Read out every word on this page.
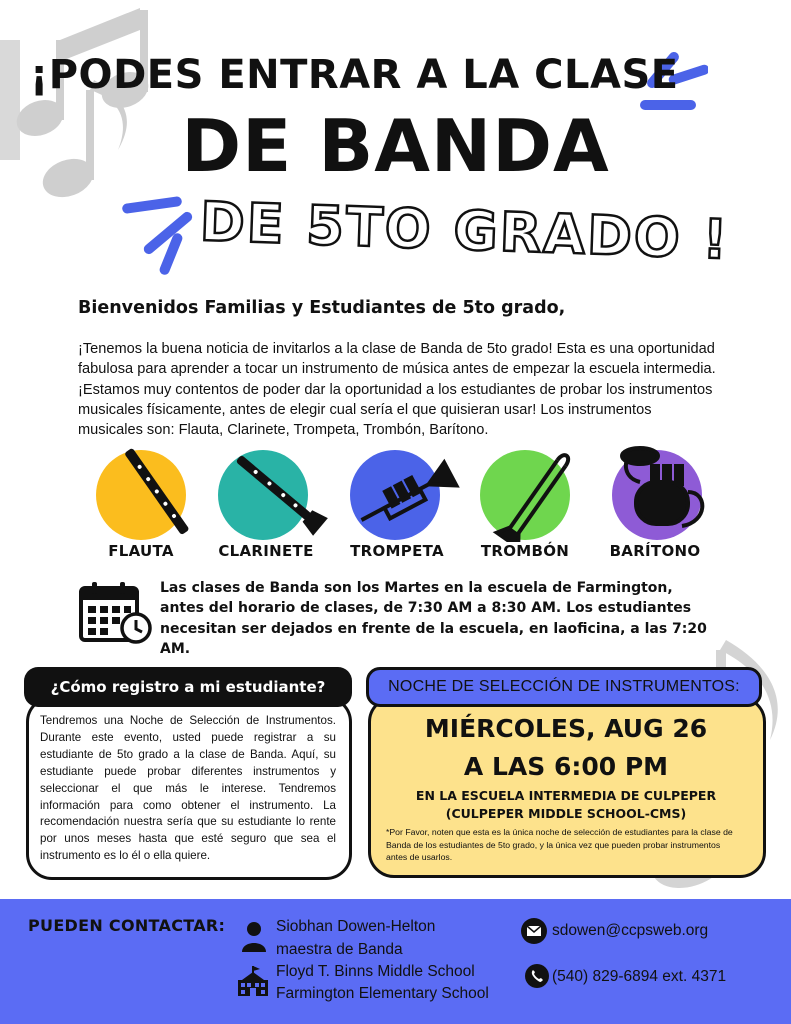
¡PODES ENTRAR A LA CLASE
DE BANDA
DE 5TO GRADO !
Bienvenidos Familias y Estudiantes de 5to grado,
¡Tenemos la buena noticia de invitarlos a la clase de Banda de 5to grado! Esta es una oportunidad fabulosa para aprender a tocar un instrumento de música antes de empezar la escuela intermedia. ¡Estamos muy contentos de poder dar la oportunidad a los estudiantes de probar los instrumentos musicales físicamente, antes de elegir cual sería el que quisieran usar! Los instrumentos musicales son: Flauta, Clarinete, Trompeta, Trombón, Barítono.
FLAUTA	CLARINETE	TROMPETA	TROMBÓN	BARÍTONO
Las clases de Banda son los Martes en la escuela de Farmington, antes del horario de clases, de 7:30 AM a 8:30 AM. Los estudiantes necesitan ser dejados en frente de la escuela, en laoficina, a las 7:20 AM.
¿Cómo registro a mi estudiante?
Tendremos una Noche de Selección de Instrumentos. Durante este evento, usted puede registrar a su estudiante de 5to grado a la clase de Banda. Aquí, su estudiante puede probar diferentes instrumentos y seleccionar el que más le interese. Tendremos información para como obtener el instrumento. La recomendación nuestra sería que su estudiante lo rente por unos meses hasta que esté seguro que sea el instrumento es lo él o ella quiere.
NOCHE DE SELECCIÓN DE INSTRUMENTOS:
MIÉRCOLES, AUG 26
A LAS 6:00 PM
EN LA ESCUELA INTERMEDIA DE CULPEPER
(CULPEPER MIDDLE SCHOOL-CMS)
*Por Favor, noten que esta es la única noche de selección de estudiantes para la clase de Banda de los estudiantes de 5to grado, y la única vez que pueden probar instrumentos antes de usarlos.
PUEDEN CONTACTAR:	Siobhan Dowen-Helton
maestra de Banda
Floyd T. Binns Middle School
Farmington Elementary School
sdowen@ccpsweb.org
(540) 829-6894 ext. 4371
